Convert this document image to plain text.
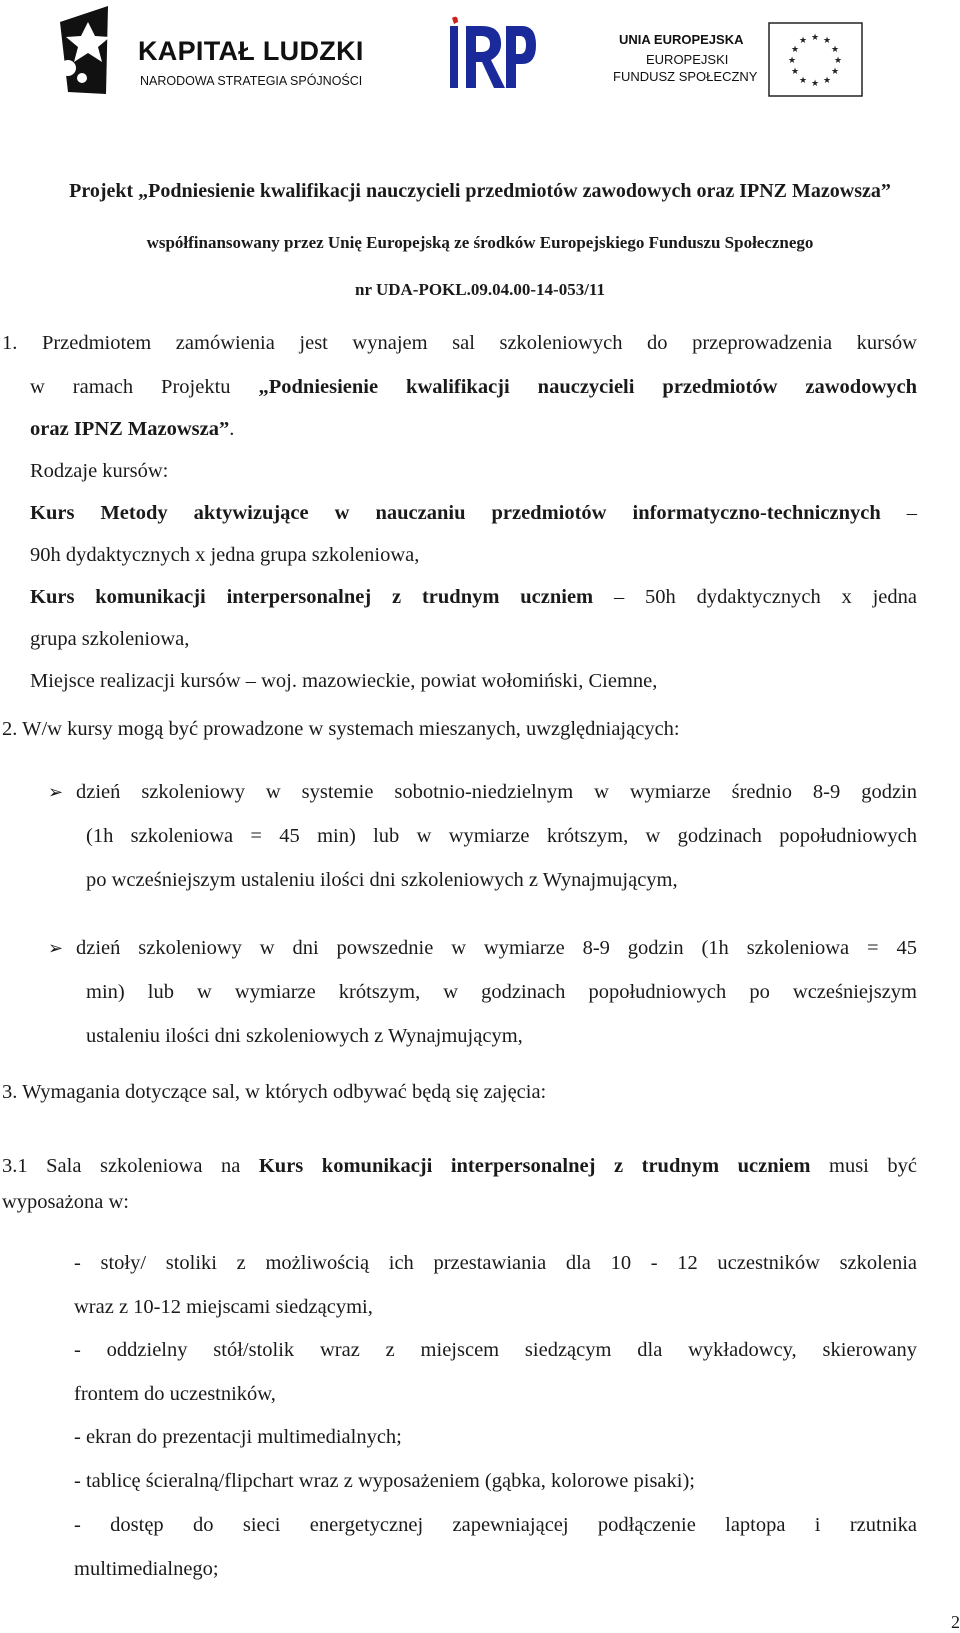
KAPITAŁ LUDZKI
NARODOWA STRATEGIA SPÓJNOŚCI
UNIA EUROPEJSKA
EUROPEJSKI
FUNDUSZ SPOŁECZNY
★ ★
★
★
★
★
★
★
★
★
★
★
Projekt „Podniesienie kwalifikacji nauczycieli przedmiotów zawodowych oraz IPNZ Mazowsza”
współfinansowany przez Unię Europejską ze środków Europejskiego Funduszu Społecznego
nr UDA-POKL.09.04.00-14-053/11
1. Przedmiotem zamówienia jest wynajem sal szkoleniowych do przeprowadzenia kursów
w ramach Projektu „Podniesienie kwalifikacji nauczycieli przedmiotów zawodowych
oraz IPNZ Mazowsza”.
Rodzaje kursów:
Kurs Metody aktywizujące w nauczaniu przedmiotów informatyczno-technicznych –
90h dydaktycznych x jedna grupa szkoleniowa,
Kurs komunikacji interpersonalnej z trudnym uczniem – 50h dydaktycznych x jedna
grupa szkoleniowa,
Miejsce realizacji kursów – woj. mazowieckie, powiat wołomiński, Ciemne,
2. W/w kursy mogą być prowadzone w systemach mieszanych, uwzględniających:
➢ dzień szkoleniowy w systemie sobotnio-niedzielnym w wymiarze średnio 8-9 godzin
(1h szkoleniowa = 45 min) lub w wymiarze krótszym, w godzinach popołudniowych
po wcześniejszym ustaleniu ilości dni szkoleniowych z Wynajmującym,
➢ dzień szkoleniowy w dni powszednie w wymiarze 8-9 godzin (1h szkoleniowa = 45
min) lub w wymiarze krótszym, w godzinach popołudniowych po wcześniejszym
ustaleniu ilości dni szkoleniowych z Wynajmującym,
3. Wymagania dotyczące sal, w których odbywać będą się zajęcia:
3.1 Sala szkoleniowa na Kurs komunikacji interpersonalnej z trudnym uczniem musi być
wyposażona w:
- stoły/ stoliki z możliwością ich przestawiania dla 10 - 12 uczestników szkolenia
wraz z 10-12 miejscami siedzącymi,
- oddzielny stół/stolik wraz z miejscem siedzącym dla wykładowcy, skierowany
frontem do uczestników,
- ekran do prezentacji multimedialnych;
- tablicę ścieralną/flipchart wraz z wyposażeniem (gąbka, kolorowe pisaki);
- dostęp do sieci energetycznej zapewniającej podłączenie laptopa i rzutnika
multimedialnego;
2
